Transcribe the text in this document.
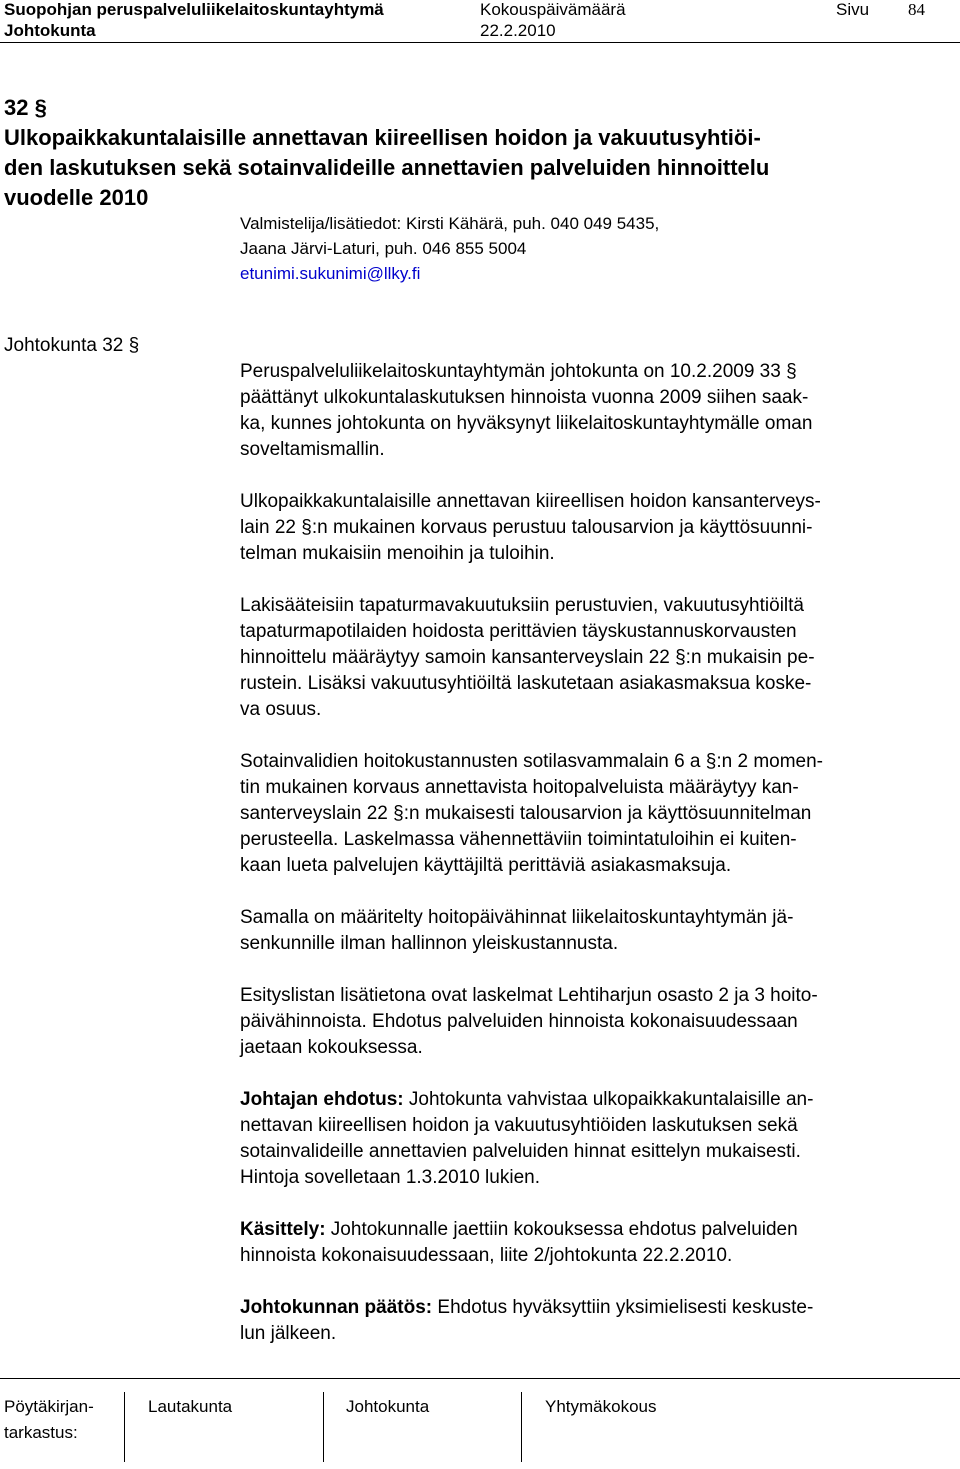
Suopohjan peruspalveluliikelaitoskuntayhtymä	Kokouspäivämäärä	Sivu 84
Johtokunta	22.2.2010
32 §
Ulkopaikkakuntalaisille annettavan kiireellisen hoidon ja vakuutusyhtiöi-
den laskutuksen sekä sotainvalideille annettavien palveluiden hinnoittelu
vuodelle 2010
Valmistelija/lisätiedot: Kirsti Kähärä, puh. 040 049 5435,
Jaana Järvi-Laturi, puh. 046 855 5004
etunimi.sukunimi@llky.fi
Johtokunta 32 §

Peruspalveluliikelaitoskuntayhtymän johtokunta on 10.2.2009 33 §
päättänyt ulkokuntalaskutuksen hinnoista vuonna 2009 siihen saak-
ka, kunnes johtokunta on hyväksynyt liikelaitoskuntayhtymälle oman
soveltamismallin.

Ulkopaikkakuntalaisille annettavan kiireellisen hoidon kansanterveys-
lain 22 §:n mukainen korvaus perustuu talousarvion ja käyttösuunni-
telman mukaisiin menoihin ja tuloihin.

Lakisääteisiin tapaturmavakuutuksiin perustuvien, vakuutusyhtiöiltä
tapaturmapotilaiden hoidosta perittävien täyskustannuskorvausten
hinnoittelu määräytyy samoin kansanterveyslain 22 §:n mukaisin pe-
rustein. Lisäksi vakuutusyhtiöiltä laskutetaan asiakasmaksua koske-
va osuus.

Sotainvalidien hoitokustannusten sotilasvammalain 6 a §:n 2 momen-
tin mukainen korvaus annettavista hoitopalveluista määräytyy kan-
santerveyslain 22 §:n mukaisesti talousarvion ja käyttösuunnitelman
perusteella. Laskelmassa vähennettäviin toimintatuloihin ei kuiten-
kaan lueta palvelujen käyttäjiltä perittäviä asiakasmaksuja.

Samalla on määritelty hoitopäivähinnat liikelaitoskuntayhtymän jä-
senkunnille ilman hallinnon yleiskustannusta.

Esityslistan lisätietona ovat laskelmat Lehtiharjun osasto 2 ja 3 hoito-
päivähinnoista. Ehdotus palveluiden hinnoista kokonaisuudessaan
jaetaan kokouksessa.

Johtajan ehdotus: Johtokunta vahvistaa ulkopaikkakuntalaisille an-
nettavan kiireellisen hoidon ja vakuutusyhtiöiden laskutuksen sekä
sotainvalideille annettavien palveluiden hinnat esittelyn mukaisesti.
Hintoja sovelletaan 1.3.2010 lukien.

Käsittely: Johtokunnalle jaettiin kokouksessa ehdotus palveluiden
hinnoista kokonaisuudessaan, liite 2/johtokunta 22.2.2010.

Johtokunnan päätös: Ehdotus hyväksyttiin yksimielisesti keskuste-
lun jälkeen.

Pöytäkirjan-
tarkastus:
Lautakunta	Johtokunta	Yhtymäkokous
